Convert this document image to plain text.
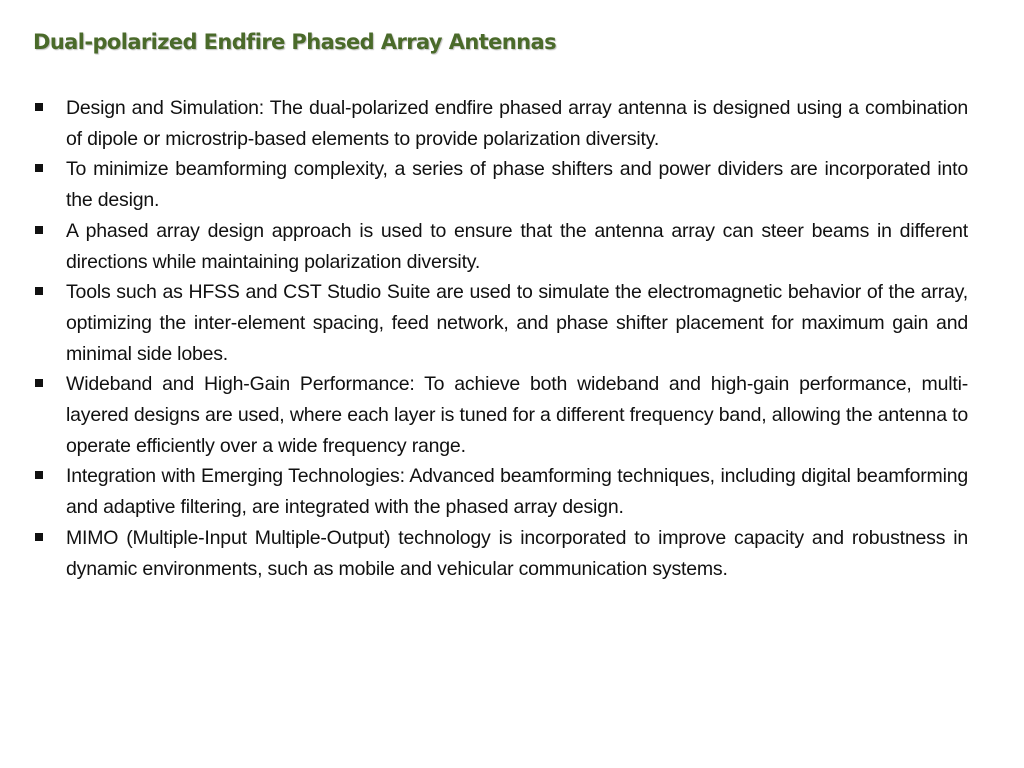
Dual-polarized Endfire Phased Array Antennas
Design and Simulation: The dual-polarized endfire phased array antenna is designed using a combination of dipole or microstrip-based elements to provide polarization diversity.
To minimize beamforming complexity, a series of phase shifters and power dividers are incorporated into the design.
A phased array design approach is used to ensure that the antenna array can steer beams in different directions while maintaining polarization diversity.
Tools such as HFSS and CST Studio Suite are used to simulate the electromagnetic behavior of the array, optimizing the inter-element spacing, feed network, and phase shifter placement for maximum gain and minimal side lobes.
Wideband and High-Gain Performance: To achieve both wideband and high-gain performance, multi-layered designs are used, where each layer is tuned for a different frequency band, allowing the antenna to operate efficiently over a wide frequency range.
Integration with Emerging Technologies: Advanced beamforming techniques, including digital beamforming and adaptive filtering, are integrated with the phased array design.
MIMO (Multiple-Input Multiple-Output) technology is incorporated to improve capacity and robustness in dynamic environments, such as mobile and vehicular communication systems.
